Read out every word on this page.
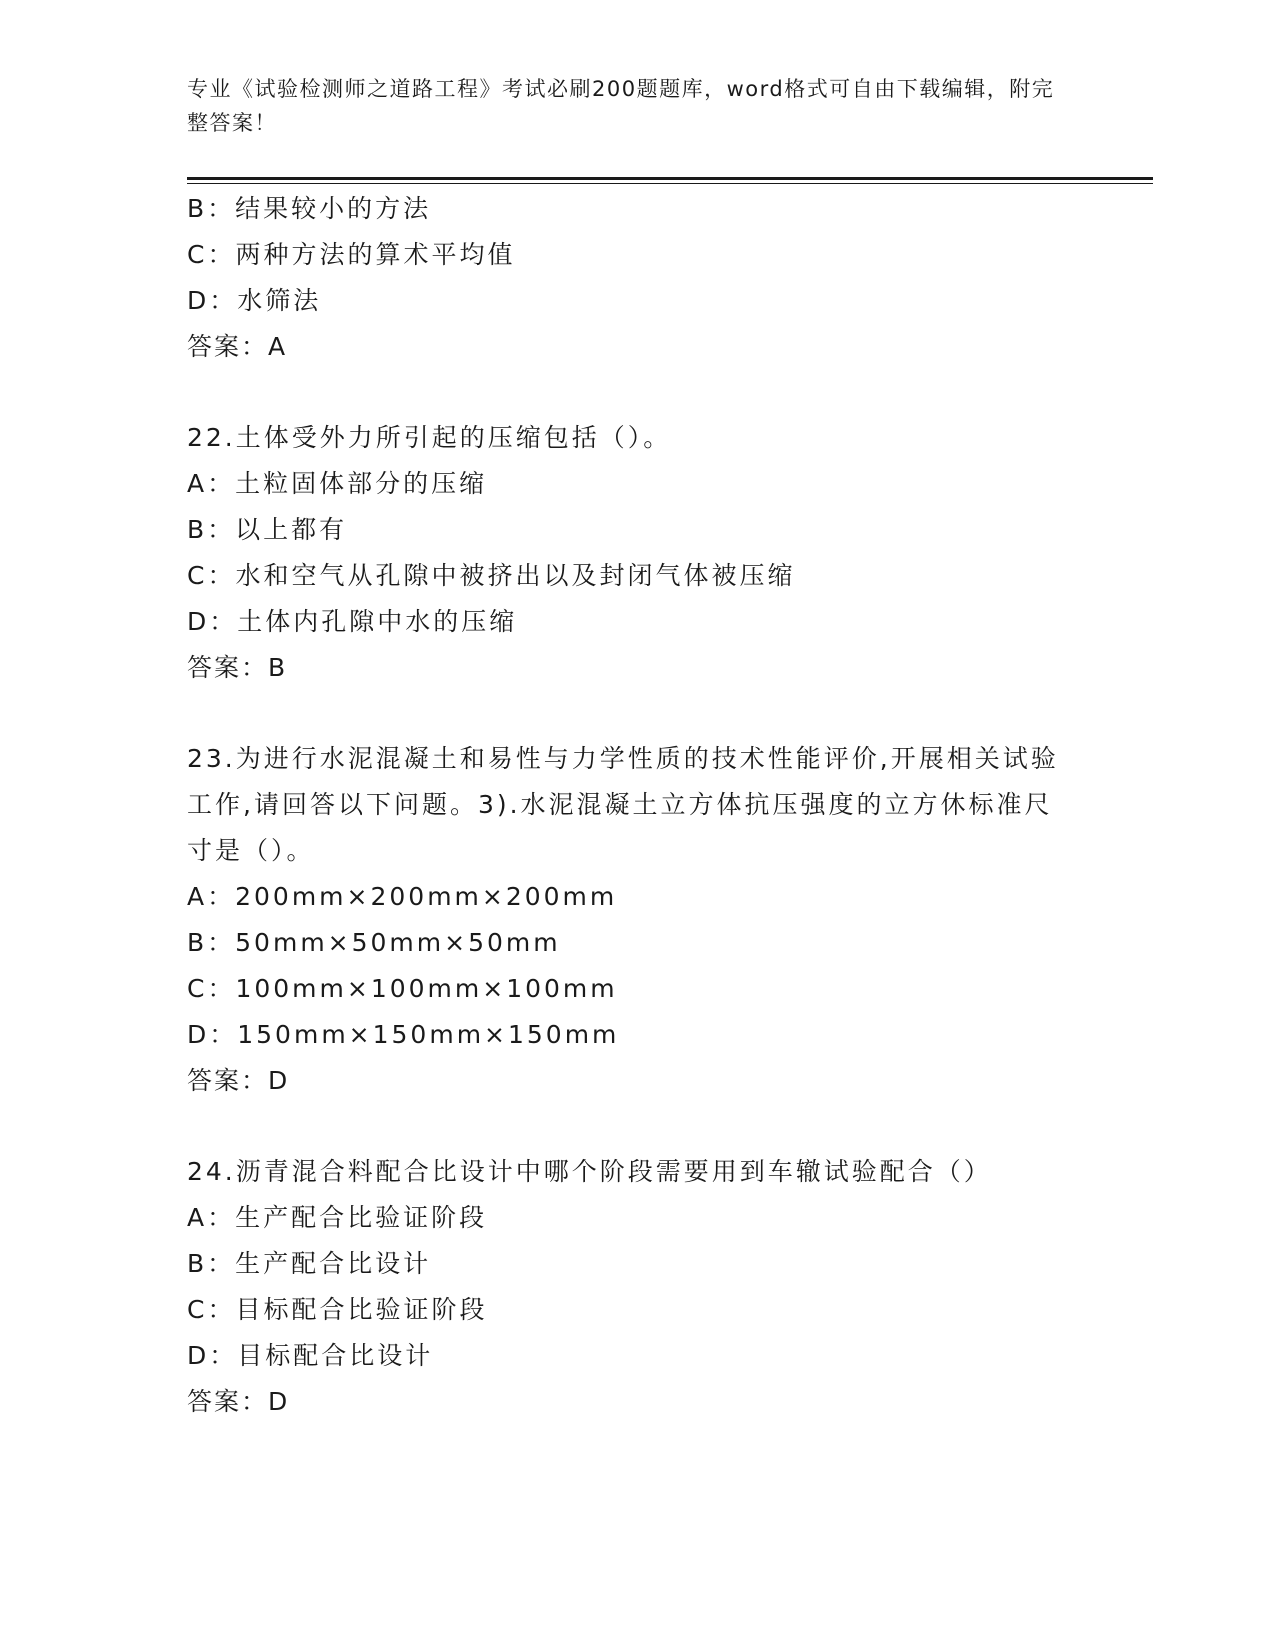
专业《试验检测师之道路工程》考试必刷200题题库，word格式可自由下载编辑，附完整答案！
B：结果较小的方法
C：两种方法的算术平均值
D：水筛法
答案：A
22.土体受外力所引起的压缩包括（）。
A：土粒固体部分的压缩
B：以上都有
C：水和空气从孔隙中被挤出以及封闭气体被压缩
D：土体内孔隙中水的压缩
答案：B
23.为进行水泥混凝土和易性与力学性质的技术性能评价,开展相关试验工作,请回答以下问题。3).水泥混凝土立方体抗压强度的立方休标准尺寸是（）。
A：200mm×200mm×200mm
B：50mm×50mm×50mm
C：100mm×100mm×100mm
D：150mm×150mm×150mm
答案：D
24.沥青混合料配合比设计中哪个阶段需要用到车辙试验配合（）
A：生产配合比验证阶段
B：生产配合比设计
C：目标配合比验证阶段
D：目标配合比设计
答案：D
